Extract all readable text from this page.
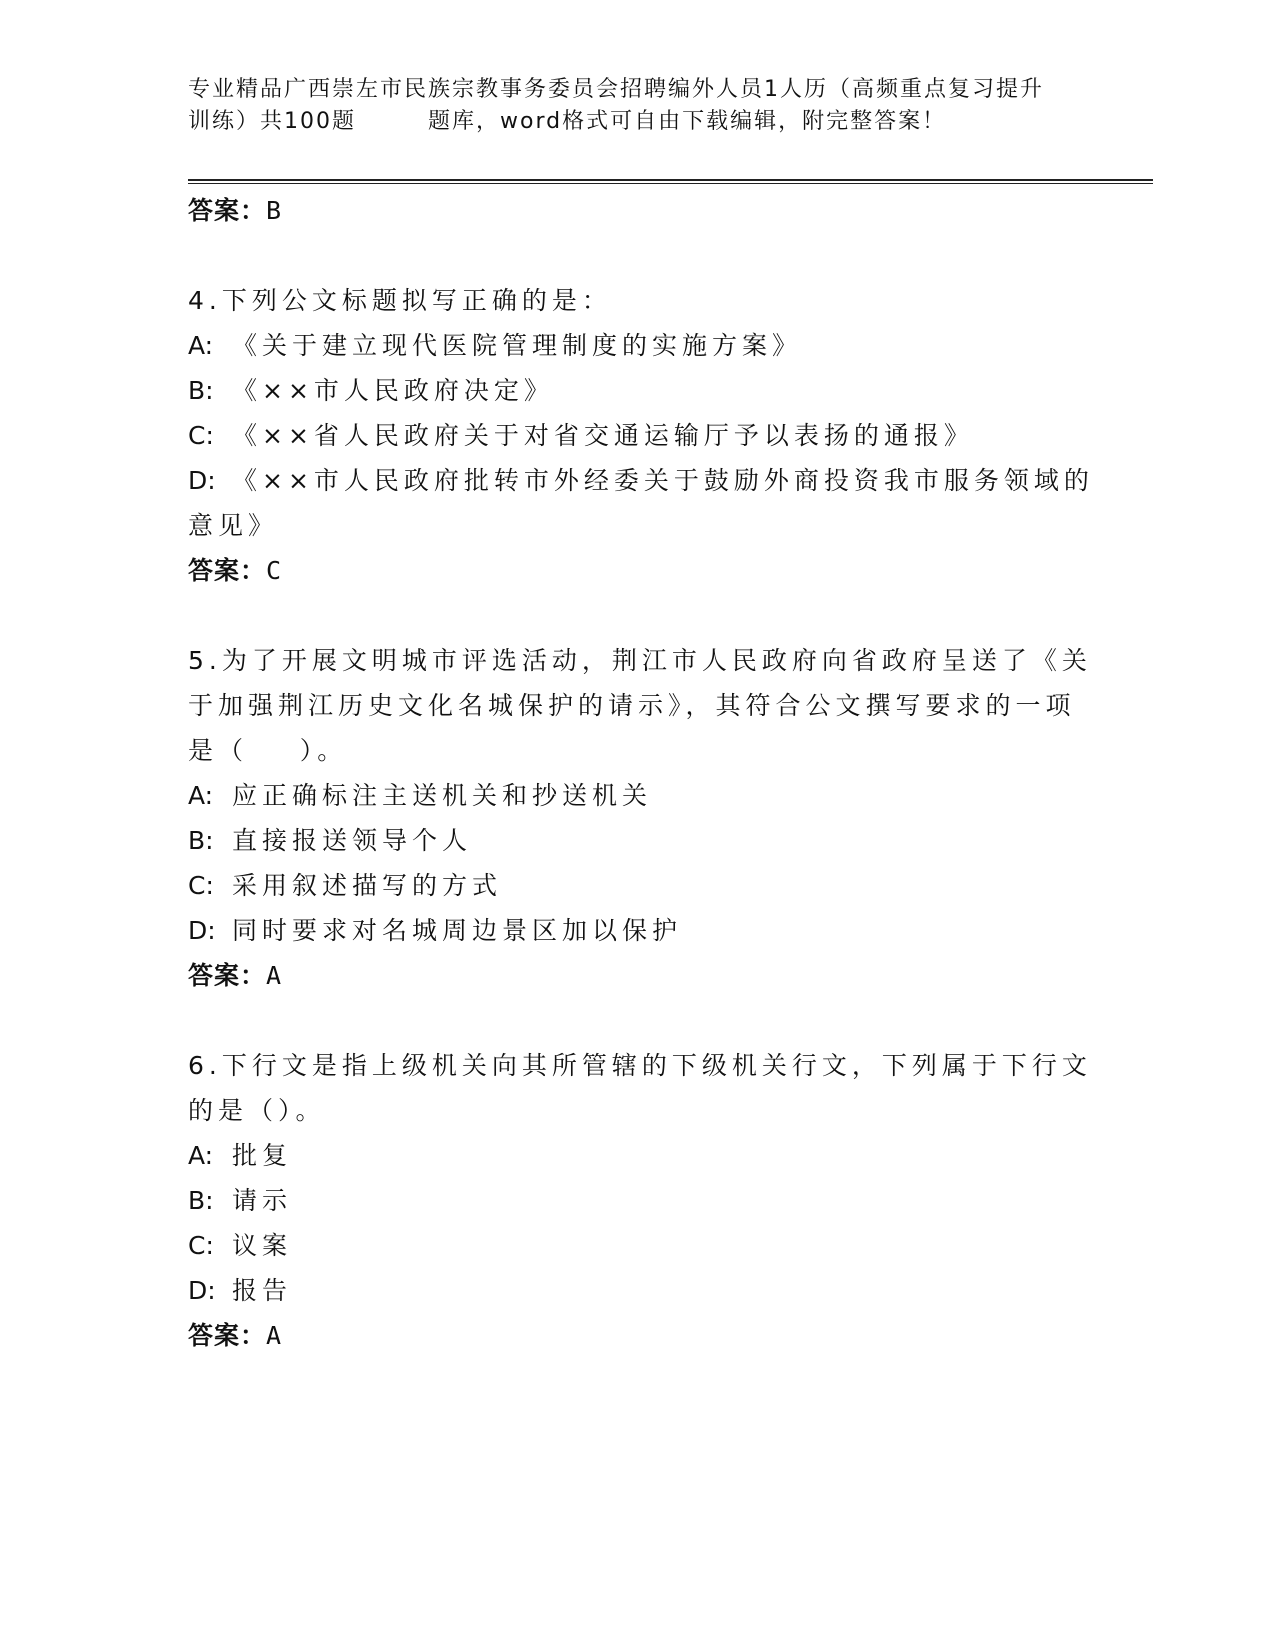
专业精品广西崇左市民族宗教事务委员会招聘编外人员1人历（高频重点复习提升
训练）共100题	题库，word格式可自由下载编辑，附完整答案！
答案：B
4.下列公文标题拟写正确的是：
A: 《关于建立现代医院管理制度的实施方案》
B: 《××市人民政府决定》
C: 《××省人民政府关于对省交通运输厅予以表扬的通报》
D: 《××市人民政府批转市外经委关于鼓励外商投资我市服务领域的
意见》
答案：C
5.为了开展文明城市评选活动，荆江市人民政府向省政府呈送了《关
于加强荆江历史文化名城保护的请示》，其符合公文撰写要求的一项
是（    ）。
A: 应正确标注主送机关和抄送机关
B: 直接报送领导个人
C: 采用叙述描写的方式
D: 同时要求对名城周边景区加以保护
答案：A
6.下行文是指上级机关向其所管辖的下级机关行文，下列属于下行文
的是（）。
A: 批复
B: 请示
C: 议案
D: 报告
答案：A
